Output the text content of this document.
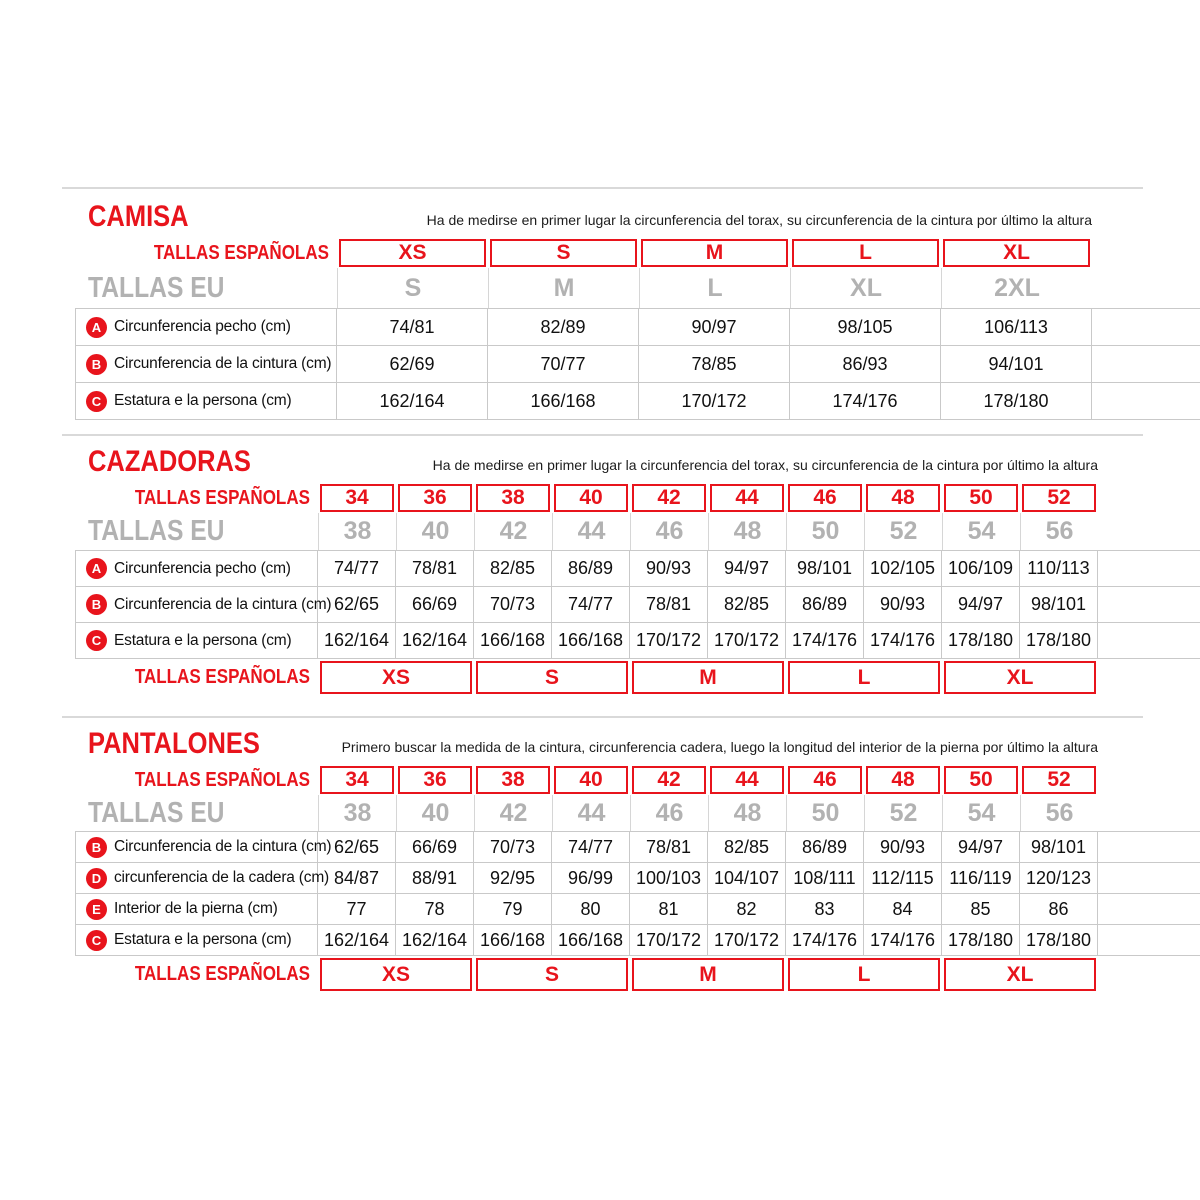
CAMISA	Ha de medirse en primer lugar la circunferencia del torax, su circunferencia de la cintura por último la altura
TALLAS ESPAÑOLAS	XS	S	M	L	XL
TALLAS EU	S	M	L	XL	2XL
A Circunferencia pecho (cm)	74/81	82/89	90/97	98/105	106/113
B Circunferencia de la cintura (cm)	62/69	70/77	78/85	86/93	94/101
C Estatura e la persona (cm)	162/164	166/168	170/172	174/176	178/180
CAZADORAS	Ha de medirse en primer lugar la circunferencia del torax, su circunferencia de la cintura por último la altura
TALLAS ESPAÑOLAS	34	36	38	40	42	44	46	48	50	52
TALLAS EU	38	40	42	44	46	48	50	52	54	56
A Circunferencia pecho (cm)	74/77	78/81	82/85	86/89	90/93	94/97	98/101 102/105 106/109 110/113
B Circunferencia de la cintura (cm) 62/65	66/69	70/73	74/77	78/81	82/85	86/89	90/93	94/97	98/101
C Estatura e la persona (cm)	162/164 162/164 166/168 166/168 170/172 170/172 174/176 174/176 178/180 178/180
TALLAS ESPAÑOLAS	XS	S	M	L	XL
PANTALONES	Primero buscar la medida de la cintura, circunferencia cadera, luego la longitud del interior de la pierna por último la altura
TALLAS ESPAÑOLAS	34	36	38	40	42	44	46	48	50	52
TALLAS EU	38	40	42	44	46	48	50	52	54	56
B Circunferencia de la cintura (cm) 62/65	66/69	70/73	74/77	78/81	82/85	86/89	90/93	94/97	98/101
D circunferencia de la cadera (cm) 84/87	88/91	92/95	96/99	100/103 104/107 108/111 112/115 116/119 120/123
E Interior de la pierna (cm)	77	78	79	80	81	82	83	84	85	86
C Estatura e la persona (cm)	162/164 162/164 166/168 166/168 170/172 170/172 174/176 174/176 178/180 178/180
TALLAS ESPAÑOLAS	XS	S	M	L	XL
